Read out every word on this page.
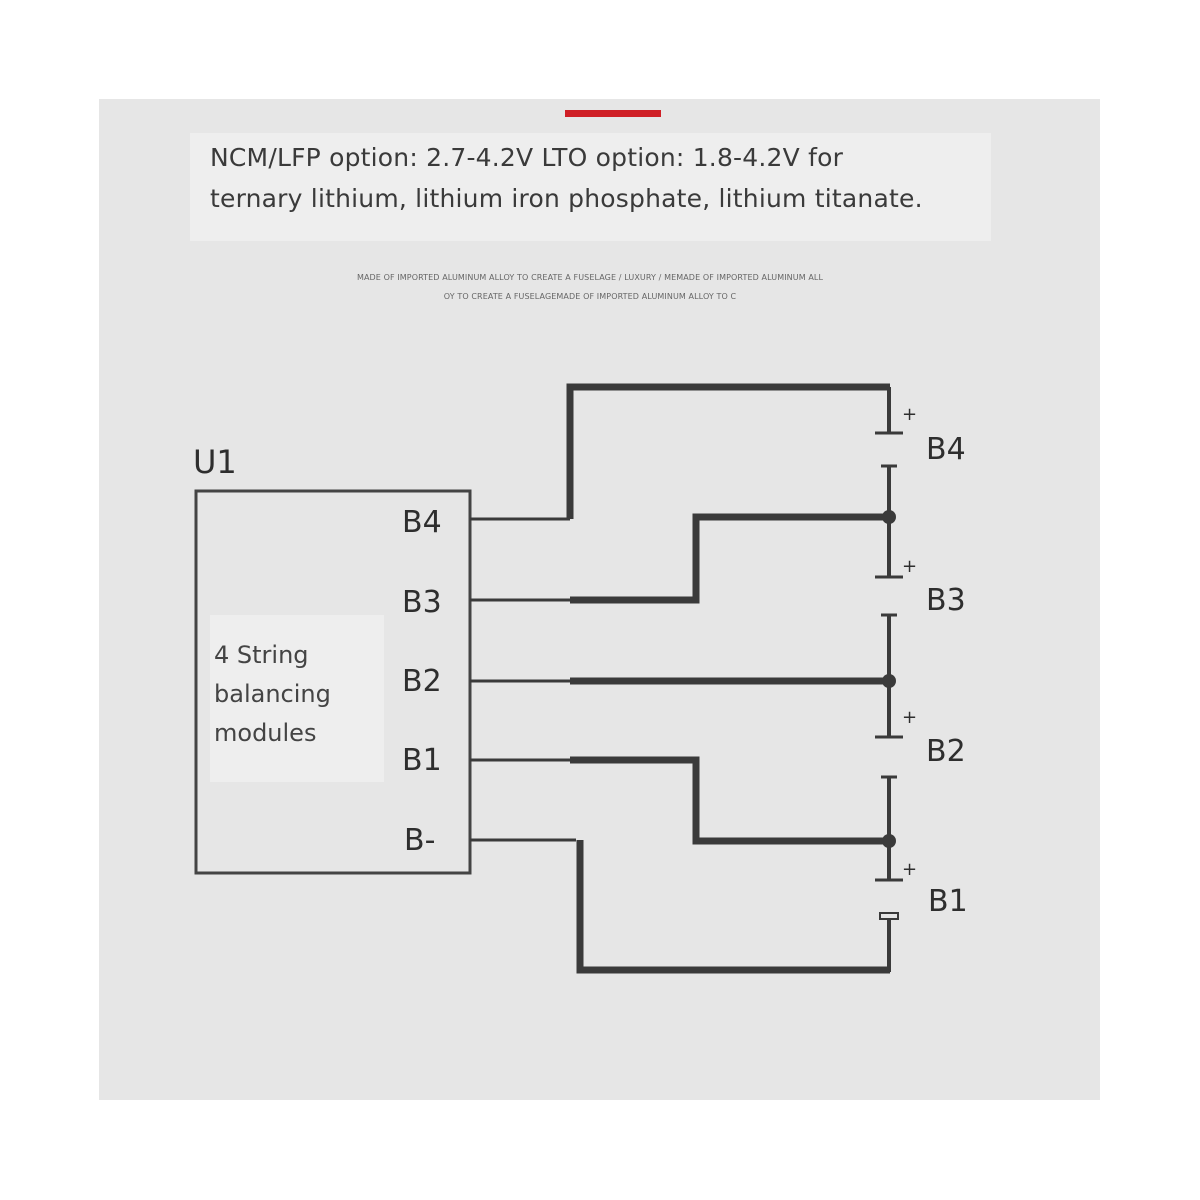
NCM/LFP option: 2.7-4.2V LTO option: 1.8-4.2V for
ternary lithium, lithium iron phosphate, lithium titanate.
MADE OF IMPORTED ALUMINUM ALLOY TO CREATE A FUSELAGE / LUXURY / MEMADE OF IMPORTED ALUMINUM ALL
OY TO CREATE A FUSELAGEMADE OF IMPORTED ALUMINUM ALLOY TO C
U1
4 String
balancing
modules
B4
B3
B2
B1
B-
+
+
+
+
B4
B3
B2
B1
